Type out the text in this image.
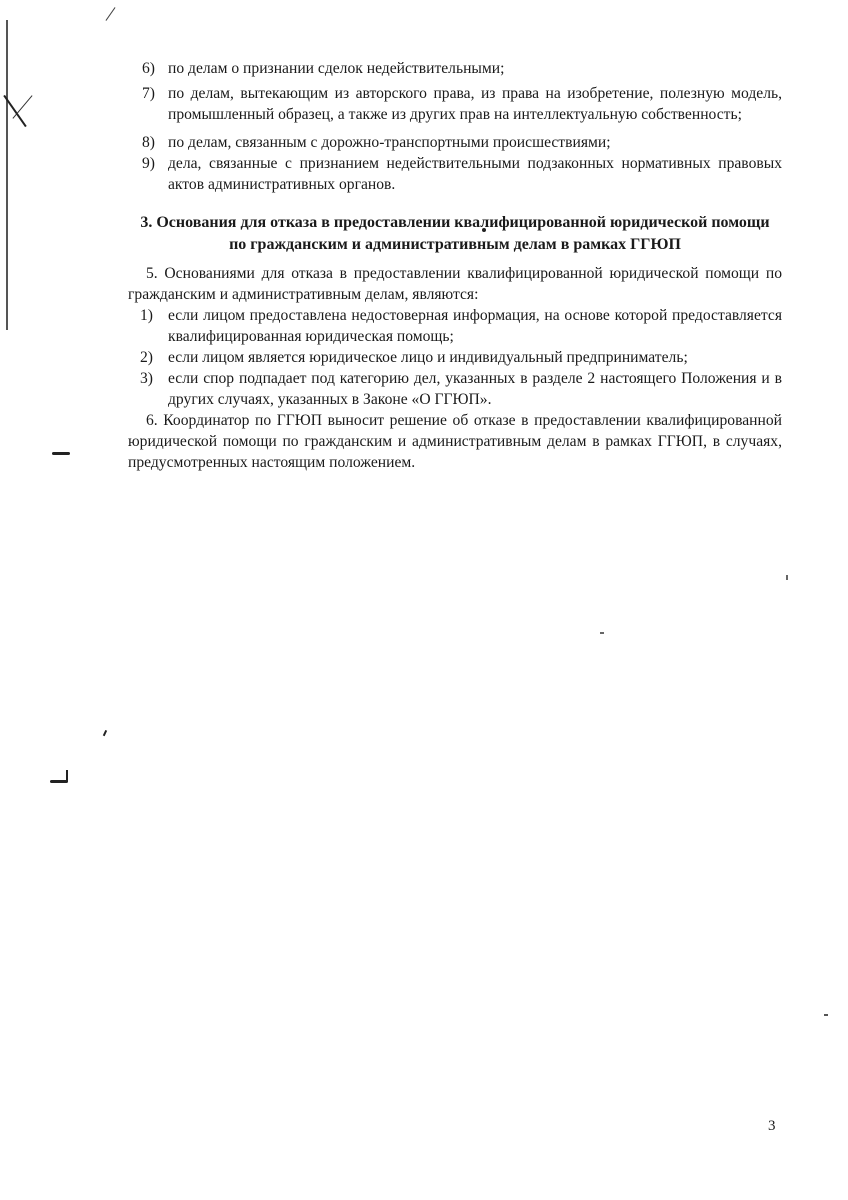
6) по делам о признании сделок недействительными;
7) по делам, вытекающим из авторского права, из права на изобретение, полезную модель, промышленный образец, а также из других прав на интеллектуальную собственность;
8) по делам, связанным с дорожно-транспортными происшествиями;
9) дела, связанные с признанием недействительными подзаконных нормативных правовых актов административных органов.
3. Основания для отказа в предоставлении квалифицированной юридической помощи по гражданским и административным делам в рамках ГГЮП
5. Основаниями для отказа в предоставлении квалифицированной юридической помощи по гражданским и административным делам, являются:
1) если лицом предоставлена недостоверная информация, на основе которой предоставляется квалифицированная юридическая помощь;
2) если лицом является юридическое лицо и индивидуальный предприниматель;
3) если спор подпадает под категорию дел, указанных в разделе 2 настоящего Положения и в других случаях, указанных в Законе «О ГГЮП».
6. Координатор по ГГЮП выносит решение об отказе в предоставлении квалифицированной юридической помощи по гражданским и административным делам в рамках ГГЮП, в случаях, предусмотренных настоящим положением.
3
